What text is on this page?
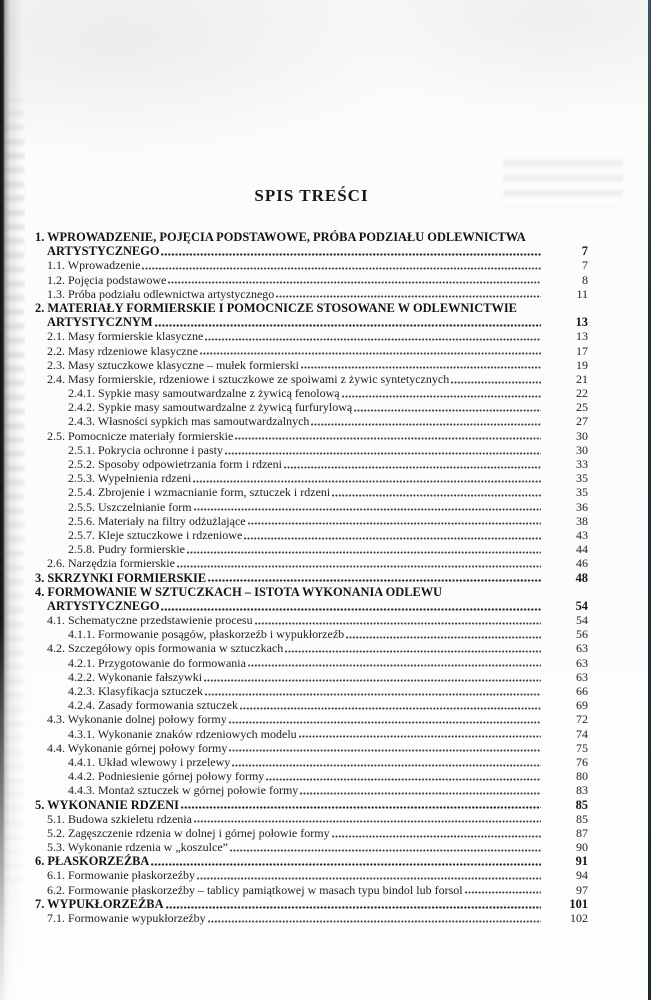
SPIS TREŚCI
1. WPROWADZENIE, POJĘCIA PODSTAWOWE, PRÓBA PODZIAŁU ODLEWNICTWA
ARTYSTYCZNEGO	7
1.1. Wprowadzenie	7
1.2. Pojęcia podstawowe	8
1.3. Próba podziału odlewnictwa artystycznego	11
2. MATERIAŁY FORMIERSKIE I POMOCNICZE STOSOWANE W ODLEWNICTWIE
ARTYSTYCZNYM	13
2.1. Masy formierskie klasyczne	13
2.2. Masy rdzeniowe klasyczne	17
2.3. Masy sztuczkowe klasyczne – mułek formierski	19
2.4. Masy formierskie, rdzeniowe i sztuczkowe ze spoiwami z żywic syntetycznych	21
2.4.1. Sypkie masy samoutwardzalne z żywicą fenolową	22
2.4.2. Sypkie masy samoutwardzalne z żywicą furfurylową	25
2.4.3. Własności sypkich mas samoutwardzalnych	27
2.5. Pomocnicze materiały formierskie	30
2.5.1. Pokrycia ochronne i pasty	30
2.5.2. Sposoby odpowietrzania form i rdzeni	33
2.5.3. Wypełnienia rdzeni	35
2.5.4. Zbrojenie i wzmacnianie form, sztuczek i rdzeni	35
2.5.5. Uszczelnianie form	36
2.5.6. Materiały na filtry odżużlające	38
2.5.7. Kleje sztuczkowe i rdzeniowe	43
2.5.8. Pudry formierskie	44
2.6. Narzędzia formierskie	46
3. SKRZYNKI FORMIERSKIE	48
4. FORMOWANIE W SZTUCZKACH – ISTOTA WYKONANIA ODLEWU
ARTYSTYCZNEGO	54
4.1. Schematyczne przedstawienie procesu	54
4.1.1. Formowanie posągów, płaskorzeźb i wypukłorzeźb	56
4.2. Szczegółowy opis formowania w sztuczkach	63
4.2.1. Przygotowanie do formowania	63
4.2.2. Wykonanie fałszywki	63
4.2.3. Klasyfikacja sztuczek	66
4.2.4. Zasady formowania sztuczek	69
4.3. Wykonanie dolnej połowy formy	72
4.3.1. Wykonanie znaków rdzeniowych modelu	74
4.4. Wykonanie górnej połowy formy	75
4.4.1. Układ wlewowy i przelewy	76
4.4.2. Podniesienie górnej połowy formy	80
4.4.3. Montaż sztuczek w górnej połowie formy	83
5. WYKONANIE RDZENI	85
5.1. Budowa szkieletu rdzenia	85
5.2. Zagęszczenie rdzenia w dolnej i górnej połowie formy	87
5.3. Wykonanie rdzenia w „koszulce”	90
6. PŁASKORZEŹBA	91
6.1. Formowanie płaskorzeźby	94
6.2. Formowanie płaskorzeźby – tablicy pamiątkowej w masach typu bindol lub forsol	97
7. WYPUKŁORZEŹBA	101
7.1. Formowanie wypukłorzeźby	102
